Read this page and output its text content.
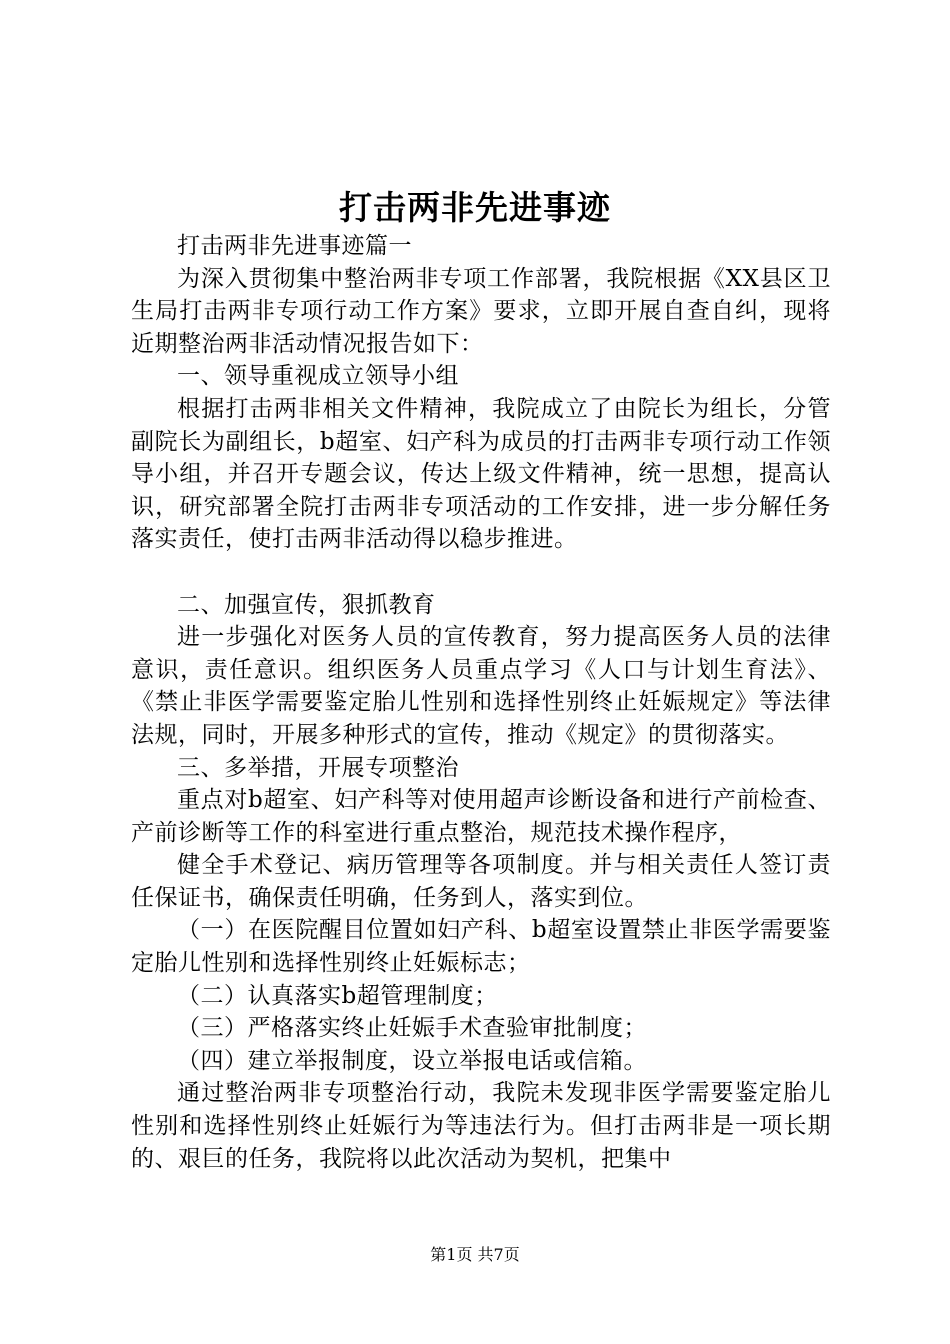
打击两非先进事迹

打击两非先进事迹篇一

为深入贯彻集中整治两非专项工作部署，我院根据《XX县区卫生局打击两非专项行动工作方案》要求，立即开展自查自纠，现将近期整治两非活动情况报告如下：

一、领导重视成立领导小组

根据打击两非相关文件精神，我院成立了由院长为组长，分管副院长为副组长，b超室、妇产科为成员的打击两非专项行动工作领导小组，并召开专题会议，传达上级文件精神，统一思想，提高认识，研究部署全院打击两非专项活动的工作安排，进一步分解任务落实责任，使打击两非活动得以稳步推进。

二、加强宣传，狠抓教育

进一步强化对医务人员的宣传教育，努力提高医务人员的法律意识，责任意识。组织医务人员重点学习《人口与计划生育法》、《禁止非医学需要鉴定胎儿性别和选择性别终止妊娠规定》等法律法规，同时，开展多种形式的宣传，推动《规定》的贯彻落实。

三、多举措，开展专项整治

重点对b超室、妇产科等对使用超声诊断设备和进行产前检查、产前诊断等工作的科室进行重点整治，规范技术操作程序，

健全手术登记、病历管理等各项制度。并与相关责任人签订责任保证书，确保责任明确，任务到人，落实到位。

（一）在医院醒目位置如妇产科、b超室设置禁止非医学需要鉴定胎儿性别和选择性别终止妊娠标志；

（二）认真落实b超管理制度；

（三）严格落实终止妊娠手术查验审批制度；

（四）建立举报制度，设立举报电话或信箱。

通过整治两非专项整治行动，我院未发现非医学需要鉴定胎儿性别和选择性别终止妊娠行为等违法行为。但打击两非是一项长期的、艰巨的任务，我院将以此次活动为契机，把集中

第1页 共7页
